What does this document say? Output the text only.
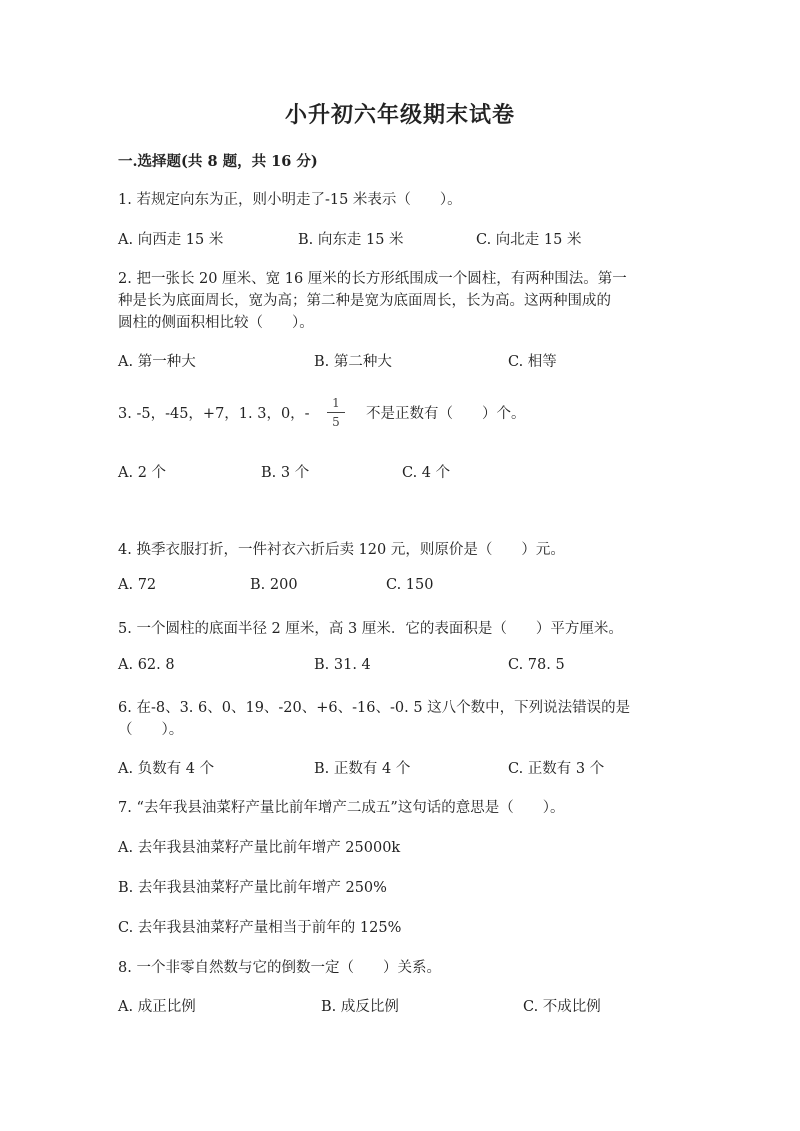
小升初六年级期末试卷
一.选择题(共 8 题，共 16 分)
1. 若规定向东为正，则小明走了-15 米表示（　　）。
A. 向西走 15 米	B. 向东走 15 米	C. 向北走 15 米
2. 把一张长 20 厘米、宽 16 厘米的长方形纸围成一个圆柱，有两种围法。第一
种是长为底面周长，宽为高；第二种是宽为底面周长，长为高。这两种围成的
圆柱的侧面积相比较（　　）。
A. 第一种大	B. 第二种大	C. 相等
3. -5，-45，+7，1. 3，0，-
1
5	不是正数有（　　）个。
A. 2 个	B. 3 个	C. 4 个
4. 换季衣服打折，一件衬衣六折后卖 120 元，则原价是（　　）元。
A. 72	B. 200	C. 150
5. 一个圆柱的底面半径 2 厘米，高 3 厘米．它的表面积是（　　）平方厘米。
A. 62. 8	B. 31. 4	C. 78. 5
6. 在-8、3. 6、0、19、-20、+6、-16、-0. 5 这八个数中，下列说法错误的是
（　　）。
A. 负数有 4 个	B. 正数有 4 个	C. 正数有 3 个
7. “去年我县油菜籽产量比前年增产二成五”这句话的意思是（　　）。
A. 去年我县油菜籽产量比前年增产 25000k
B. 去年我县油菜籽产量比前年增产 250%
C. 去年我县油菜籽产量相当于前年的 125%
8. 一个非零自然数与它的倒数一定（　　）关系。
A. 成正比例	B. 成反比例	C. 不成比例
